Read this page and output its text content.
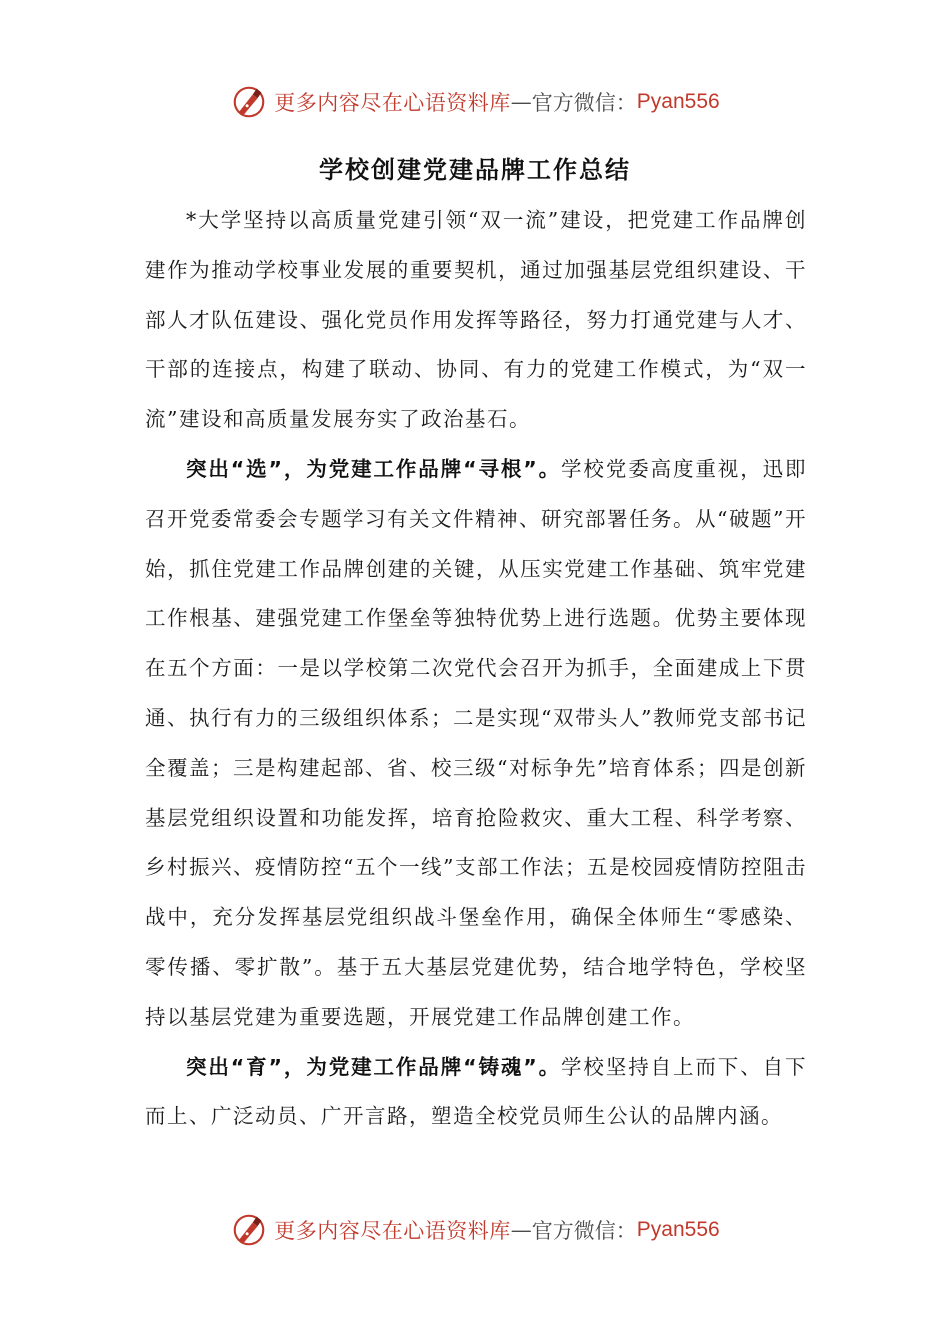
更多内容尽在心语资料库 — 官方微信： Pyan556
学校创建党建品牌工作总结

*大学坚持以高质量党建引领“双一流”建设，把党建工作品牌创建作为推动学校事业发展的重要契机，通过加强基层党组织建设、干部人才队伍建设、强化党员作用发挥等路径，努力打通党建与人才、干部的连接点，构建了联动、协同、有力的党建工作模式，为“双一流”建设和高质量发展夯实了政治基石。

突出“选”，为党建工作品牌“寻根”。学校党委高度重视，迅即召开党委常委会专题学习有关文件精神、研究部署任务。从“破题”开始，抓住党建工作品牌创建的关键，从压实党建工作基础、筑牢党建工作根基、建强党建工作堡垒等独特优势上进行选题。优势主要体现在五个方面：一是以学校第二次党代会召开为抓手，全面建成上下贯通、执行有力的三级组织体系；二是实现“双带头人”教师党支部书记全覆盖；三是构建起部、省、校三级“对标争先”培育体系；四是创新基层党组织设置和功能发挥，培育抢险救灾、重大工程、科学考察、乡村振兴、疫情防控“五个一线”支部工作法；五是校园疫情防控阻击战中，充分发挥基层党组织战斗堡垒作用，确保全体师生“零感染、零传播、零扩散”。基于五大基层党建优势，结合地学特色，学校坚持以基层党建为重要选题，开展党建工作品牌创建工作。

突出“育”，为党建工作品牌“铸魂”。学校坚持自上而下、自下而上、广泛动员、广开言路，塑造全校党员师生公认的品牌内涵。

更多内容尽在心语资料库 — 官方微信： Pyan556
